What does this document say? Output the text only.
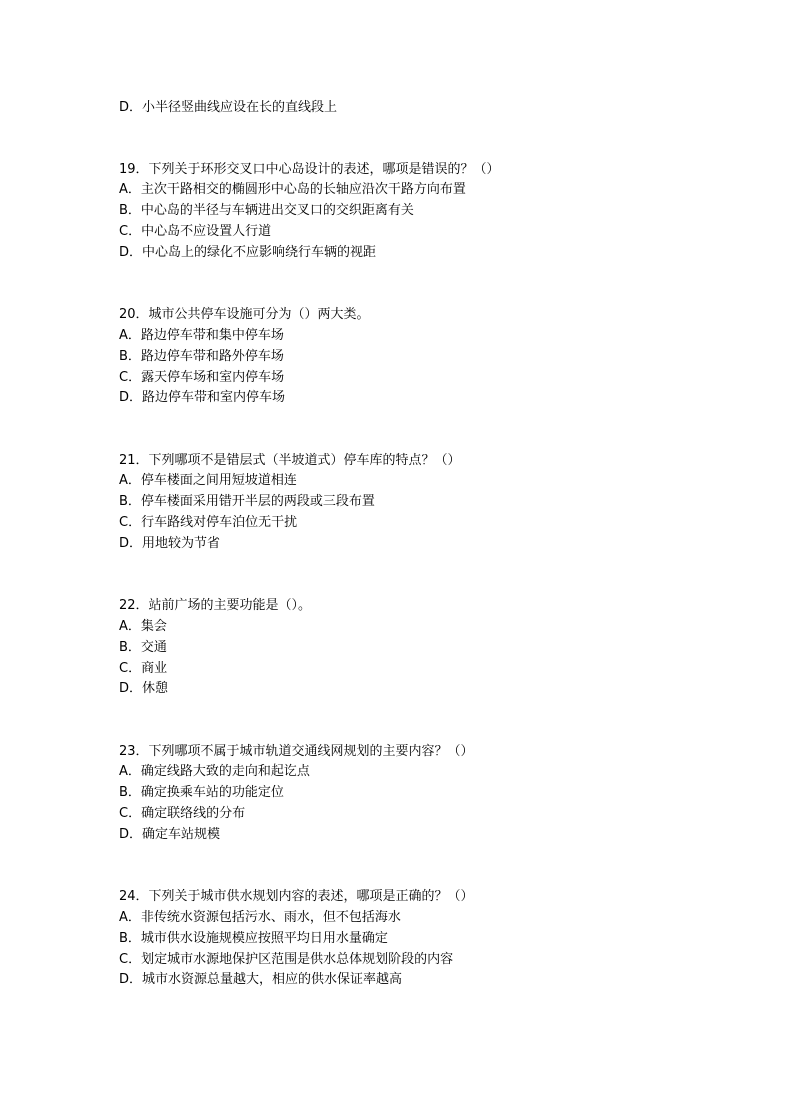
D．小半径竖曲线应设在长的直线段上
19．下列关于环形交叉口中心岛设计的表述，哪项是错误的？（）
A．主次干路相交的椭圆形中心岛的长轴应沿次干路方向布置
B．中心岛的半径与车辆进出交叉口的交织距离有关
C．中心岛不应设置人行道
D．中心岛上的绿化不应影响绕行车辆的视距
20．城市公共停车设施可分为（）两大类。
A．路边停车带和集中停车场
B．路边停车带和路外停车场
C．露天停车场和室内停车场
D．路边停车带和室内停车场
21．下列哪项不是错层式（半坡道式）停车库的特点？（）
A．停车楼面之间用短坡道相连
B．停车楼面采用错开半层的两段或三段布置
C．行车路线对停车泊位无干扰
D．用地较为节省
22．站前广场的主要功能是（）。
A．集会
B．交通
C．商业
D．休憩
23．下列哪项不属于城市轨道交通线网规划的主要内容？（）
A．确定线路大致的走向和起讫点
B．确定换乘车站的功能定位
C．确定联络线的分布
D．确定车站规模
24．下列关于城市供水规划内容的表述，哪项是正确的？（）
A．非传统水资源包括污水、雨水，但不包括海水
B．城市供水设施规模应按照平均日用水量确定
C．划定城市水源地保护区范围是供水总体规划阶段的内容
D．城市水资源总量越大，相应的供水保证率越高
